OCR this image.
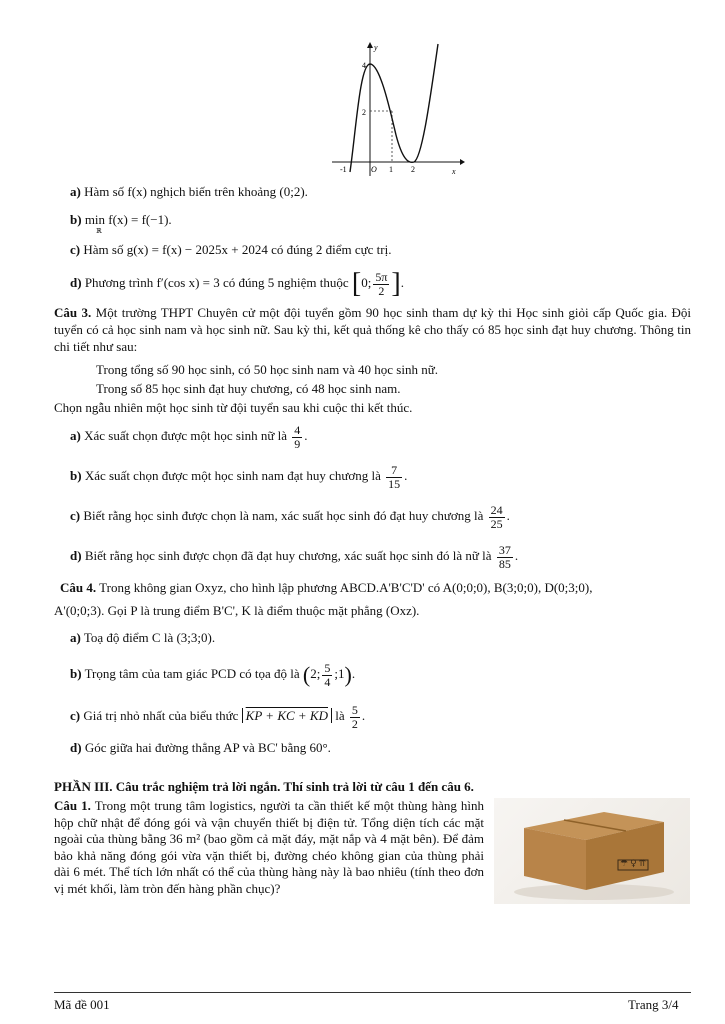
4
2
y
x
-1	O 1 2
a) Hàm số f(x) nghịch biến trên khoảng (0;2).
b) min f(x) = f(−1).
ℝ
c) Hàm số g(x) = f(x) − 2025x + 2024 có đúng 2 điểm cực trị.
d) Phương trình f′(cos x) = 3 có đúng 5 nghiệm thuộc [0; $\frac{5\pi}{2}$ ].
Câu 3. Một trường THPT Chuyên cử một đội tuyển gồm 90 học sinh tham dự kỳ thi Học sinh giỏi cấp Quốc gia. Đội tuyển có cả học sinh nam và học sinh nữ. Sau kỳ thi, kết quả thống kê cho thấy có 85 học sinh đạt huy chương. Thông tin chi tiết như sau:
Trong tổng số 90 học sinh, có 50 học sinh nam và 40 học sinh nữ.
Trong số 85 học sinh đạt huy chương, có 48 học sinh nam.
Chọn ngẫu nhiên một học sinh từ đội tuyển sau khi cuộc thi kết thúc.
a) Xác suất chọn được một học sinh nữ là $\frac{4}{9}$ .
b) Xác suất chọn được một học sinh nam đạt huy chương là $\frac{7}{15}$ .
c) Biết rằng học sinh được chọn là nam, xác suất học sinh đó đạt huy chương là $\frac{24}{25}$ .
d) Biết rằng học sinh được chọn đã đạt huy chương, xác suất học sinh đó là nữ là $\frac{37}{85}$ .
Câu 4. Trong không gian Oxyz, cho hình lập phương ABCD.A'B'C'D' có A(0;0;0), B(3;0;0), D(0;3;0),
A'(0;0;3). Gọi P là trung điểm B'C', K là điểm thuộc mặt phẳng (Oxz).
a) Toạ độ điểm C là (3;3;0).
b) Trọng tâm của tam giác PCD có tọa độ là (2; $\frac{5}{4}$ ;1).
c) Giá trị nhỏ nhất của biểu thức KP + KC + KD là $\frac{5}{2}$ .
d) Góc giữa hai đường thẳng AP và BC' bằng 60°.
PHẦN III. Câu trắc nghiệm trả lời ngắn. Thí sinh trả lời từ câu 1 đến câu 6.
Câu 1. Trong một trung tâm logistics, người ta cần thiết kế một thùng hàng hình hộp chữ nhật để đóng gói và vận chuyển thiết bị điện tử. Tổng diện tích các mặt ngoài của thùng bằng 36 m² (bao gồm cả mặt đáy, mặt nắp và 4 mặt bên). Để đảm bảo khả năng đóng gói vừa vặn thiết bị, đường chéo không gian của thùng phải dài 6 mét. Thể tích lớn nhất có thể của thùng hàng này là bao nhiêu (tính theo đơn vị mét khối, làm tròn đến hàng phần chục)?
☂♀⇈
Mã đề 001	Trang 3/4
